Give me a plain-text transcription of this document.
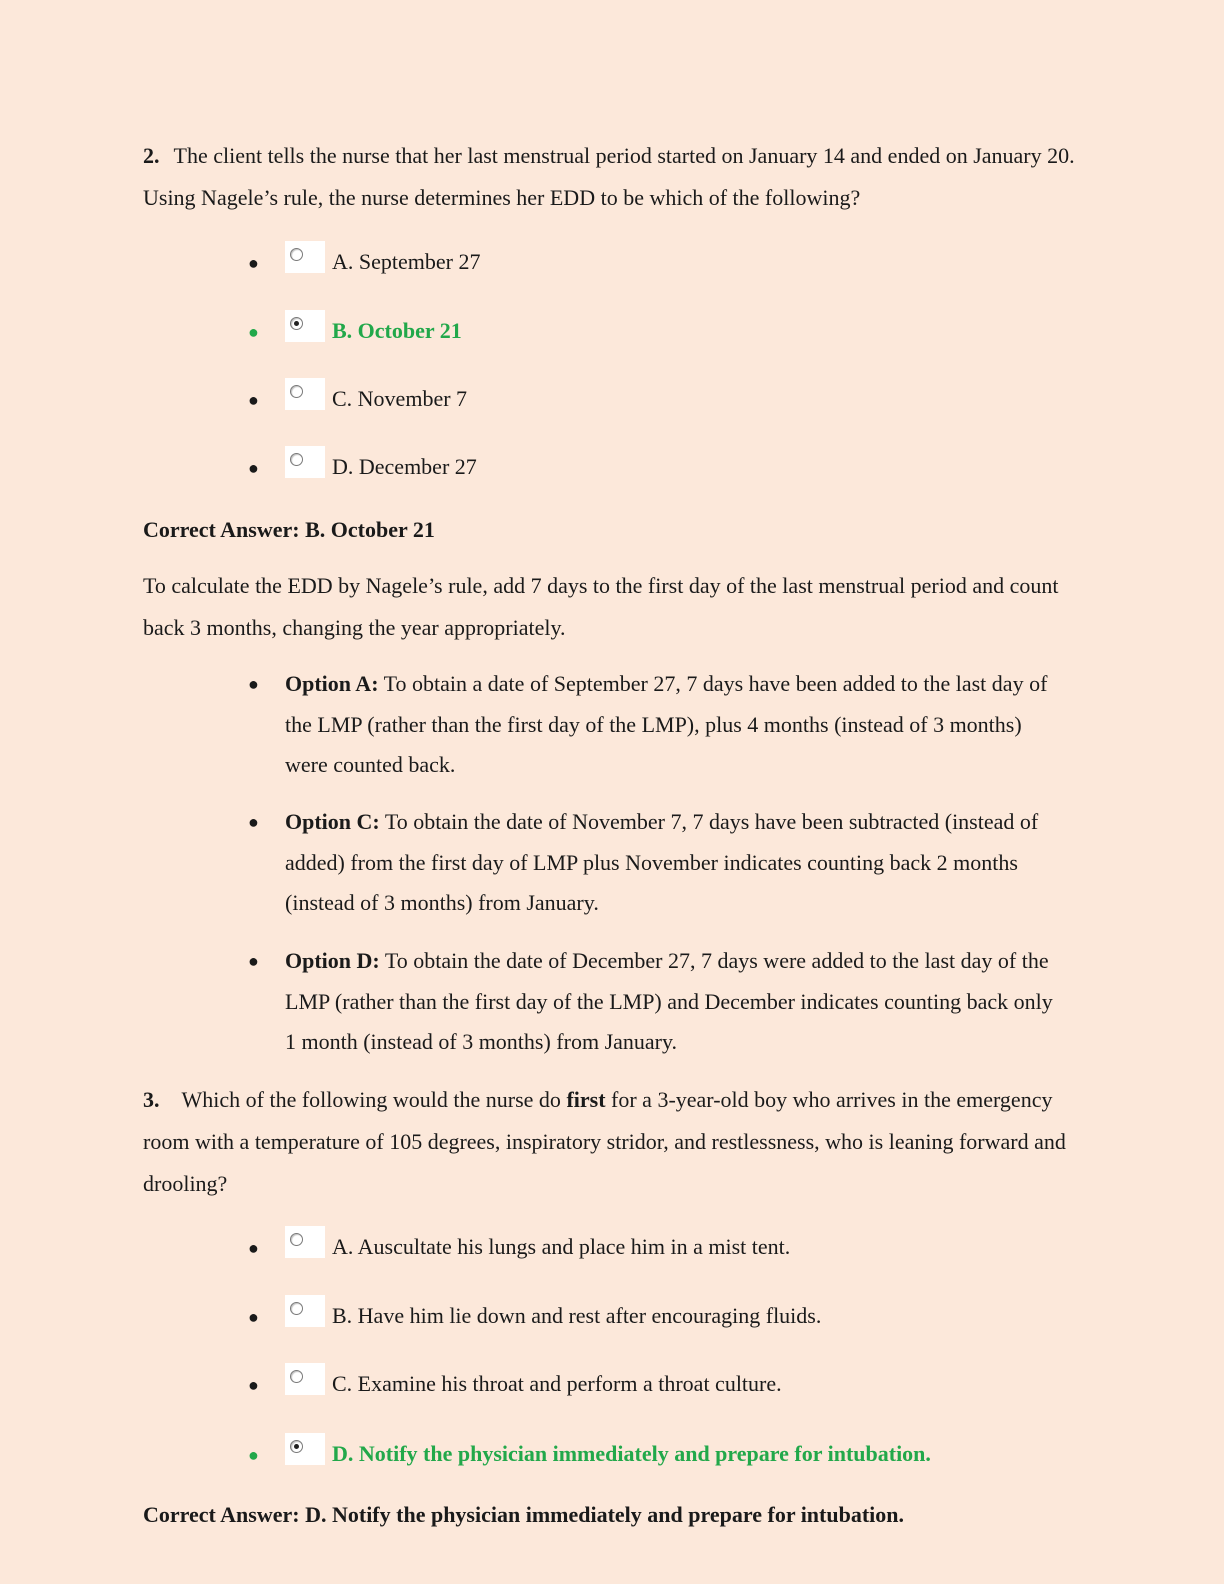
2. The client tells the nurse that her last menstrual period started on January 14 and ended on January 20. Using Nagele’s rule, the nurse determines her EDD to be which of the following?

●	A. September 27
●	B. October 21
●	C. November 7
●	D. December 27

Correct Answer: B. October 21

To calculate the EDD by Nagele’s rule, add 7 days to the first day of the last menstrual period and count back 3 months, changing the year appropriately.

● Option A: To obtain a date of September 27, 7 days have been added to the last day of the LMP (rather than the first day of the LMP), plus 4 months (instead of 3 months) were counted back.
● Option C: To obtain the date of November 7, 7 days have been subtracted (instead of added) from the first day of LMP plus November indicates counting back 2 months (instead of 3 months) from January.
● Option D: To obtain the date of December 27, 7 days were added to the last day of the LMP (rather than the first day of the LMP) and December indicates counting back only 1 month (instead of 3 months) from January.

3. Which of the following would the nurse do first for a 3-year-old boy who arrives in the emergency room with a temperature of 105 degrees, inspiratory stridor, and restlessness, who is leaning forward and drooling?

●	A. Auscultate his lungs and place him in a mist tent.
●	B. Have him lie down and rest after encouraging fluids.
●	C. Examine his throat and perform a throat culture.
●	D. Notify the physician immediately and prepare for intubation.

Correct Answer: D. Notify the physician immediately and prepare for intubation.
